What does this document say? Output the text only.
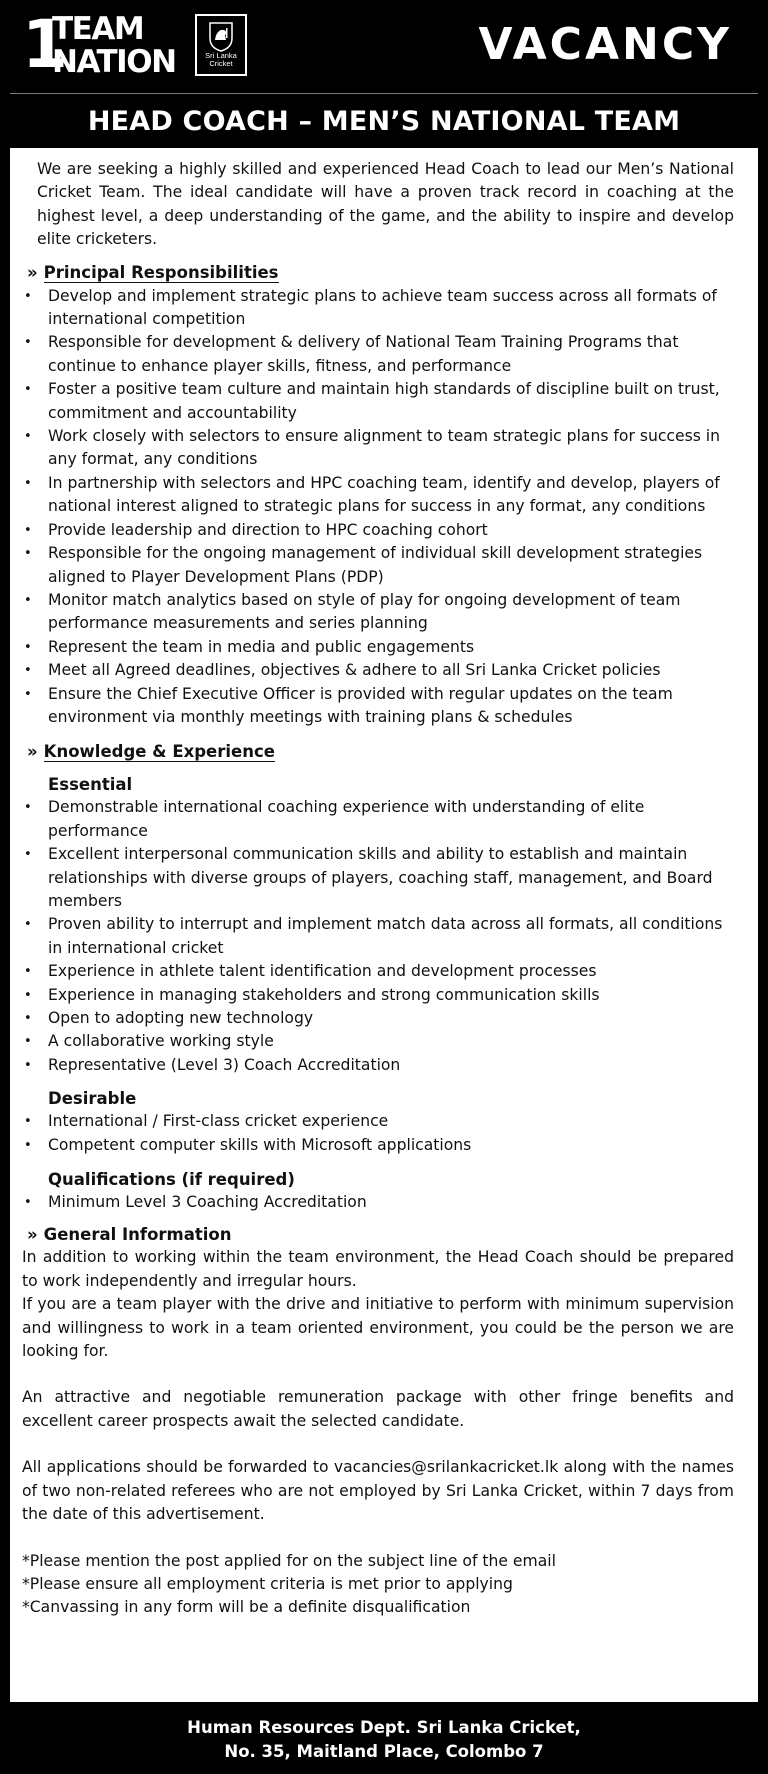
1
TEAM
NATION	Sri Lanka
Cricket	VACANCY
HEAD COACH – MEN’S NATIONAL TEAM

We are seeking a highly skilled and experienced Head Coach to lead our Men’s National Cricket Team. The ideal candidate will have a proven track record in coaching at the highest level, a deep understanding of the game, and the ability to inspire and develop elite cricketers.

» Principal Responsibilities
• Develop and implement strategic plans to achieve team success across all formats of international competition
• Responsible for development & delivery of National Team Training Programs that continue to enhance player skills, fitness, and performance
• Foster a positive team culture and maintain high standards of discipline built on trust, commitment and accountability
• Work closely with selectors to ensure alignment to team strategic plans for success in any format, any conditions
• In partnership with selectors and HPC coaching team, identify and develop, players of national interest aligned to strategic plans for success in any format, any conditions
• Provide leadership and direction to HPC coaching cohort
• Responsible for the ongoing management of individual skill development strategies aligned to Player Development Plans (PDP)
• Monitor match analytics based on style of play for ongoing development of team performance measurements and series planning
• Represent the team in media and public engagements
• Meet all Agreed deadlines, objectives & adhere to all Sri Lanka Cricket policies
• Ensure the Chief Executive Officer is provided with regular updates on the team environment via monthly meetings with training plans & schedules
» Knowledge & Experience
Essential
• Demonstrable international coaching experience with understanding of elite performance
• Excellent interpersonal communication skills and ability to establish and maintain relationships with diverse groups of players, coaching staff, management, and Board members
• Proven ability to interrupt and implement match data across all formats, all conditions in international cricket
• Experience in athlete talent identification and development processes
• Experience in managing stakeholders and strong communication skills
• Open to adopting new technology
• A collaborative working style
• Representative (Level 3) Coach Accreditation
Desirable
• International / First-class cricket experience
• Competent computer skills with Microsoft applications
Qualifications (if required)
• Minimum Level 3 Coaching Accreditation
» General Information

In addition to working within the team environment, the Head Coach should be prepared to work independently and irregular hours.

If you are a team player with the drive and initiative to perform with minimum supervision and willingness to work in a team oriented environment, you could be the person we are looking for.

An attractive and negotiable remuneration package with other fringe benefits and excellent career prospects await the selected candidate.

All applications should be forwarded to vacancies@srilankacricket.lk along with the names of two non-related referees who are not employed by Sri Lanka Cricket, within 7 days from the date of this advertisement.

*Please mention the post applied for on the subject line of the email

*Please ensure all employment criteria is met prior to applying

*Canvassing in any form will be a definite disqualification

Human Resources Dept. Sri Lanka Cricket,
No. 35, Maitland Place, Colombo 7
